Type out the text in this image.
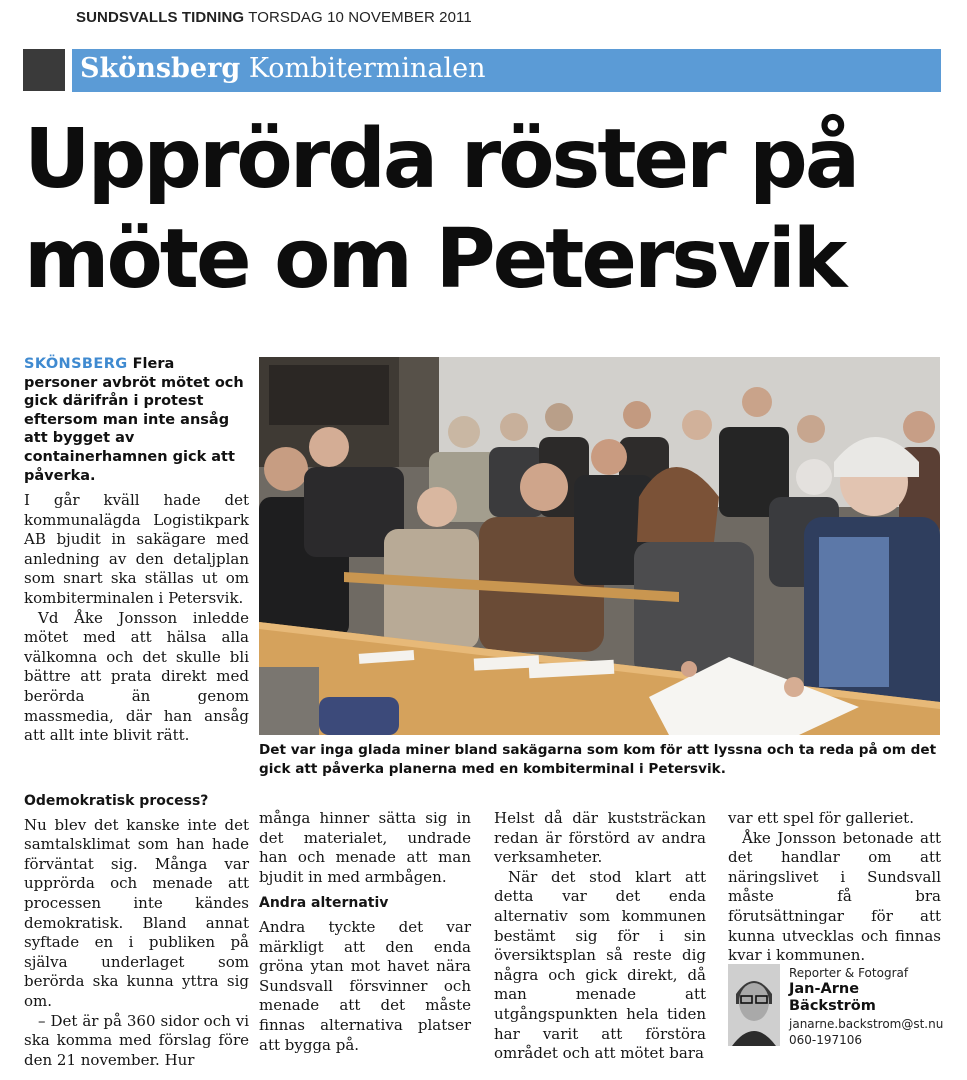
SUNDSVALLS TIDNING TORSDAG 10 NOVEMBER 2011
Skönsberg Kombiterminalen
Upprörda röster på möte om Petersvik
SKÖNSBERG Flera personer avbröt mötet och gick därifrån i protest eftersom man inte ansåg att bygget av containerhamnen gick att påverka.

I går kväll hade det kommunalägda Logistikpark AB bjudit in sakägare med anledning av den detaljplan som snart ska ställas ut om kombiterminalen i Petersvik.

Vd Åke Jonsson inledde mötet med att hälsa alla välkomna och det skulle bli bättre att prata direkt med berörda än genom massmedia, där han ansåg att allt inte blivit rätt.

Odemokratisk process?

Nu blev det kanske inte det samtalsklimat som han hade förväntat sig. Många var upprörda och menade att processen inte kändes demokratisk. Bland annat syftade en i publiken på självа underlaget som berörda ska kunna yttra sig om.

– Det är på 360 sidor och vi ska komma med förslag före den 21 november. Hur

Det var inga glada miner bland sakägarna som kom för att lyssna och ta reda på om det gick att påverka planerna med en kombiterminal i Petersvik.

många hinner sätta sig in det materialet, undrade han och menade att man bjudit in med armbågen.

Andra alternativ

Andra tyckte det var märkligt att den enda gröna ytan mot havet nära Sundsvall försvinner och menade att det måste finnas alternativa platser att bygga på.

Helst då där kuststräckan redan är förstörd av andra verksamheter.

När det stod klart att detta var det enda alternativ som kommunen bestämt sig för i sin översiktsplan så reste dig några och gick direkt, då man menade att utgångspunkten hela tiden har varit att förstöra området och att mötet bara

var ett spel för galleriet.

Åke Jonsson betonade att det handlar om att näringslivet i Sundsvall måste få bra förutsättningar för att kunna utvecklas och finnas kvar i kommunen.

Reporter & Fotograf
Jan-Arne Bäckström
janarne.backstrom@st.nu
060-197106
